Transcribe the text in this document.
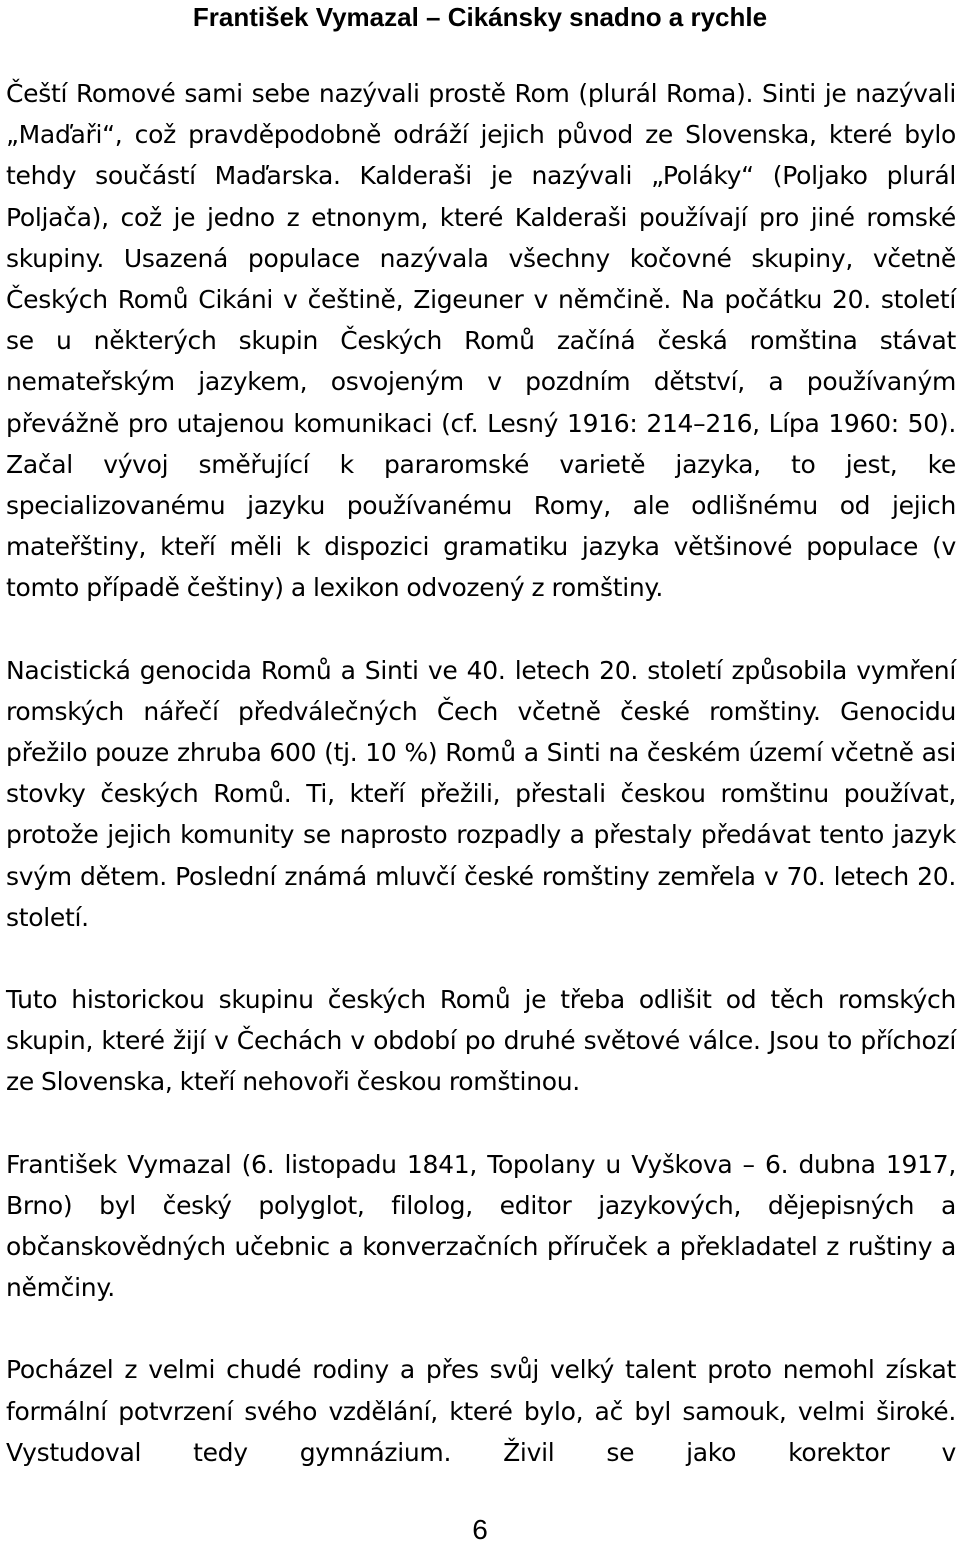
František Vymazal – Cikánsky snadno a rychle

Čeští Romové sami sebe nazývali prostě Rom (plurál Roma). Sinti je nazývali „Maďaři“, což pravděpodobně odráží jejich původ ze Slovenska, které bylo tehdy součástí Maďarska. Kalderaši je nazývali „Poláky“ (Poljako plurál Poljača), což je jedno z etnonym, které Kalderaši používají pro jiné romské skupiny. Usazená populace nazývala všechny kočovné skupiny, včetně Českých Romů Cikáni v češtině, Zigeuner v němčině. Na počátku 20. století se u některých skupin Českých Romů začíná česká romština stávat nemateřským jazykem, osvojeným v pozdním dětství, a používaným převážně pro utajenou komunikaci (cf. Lesný 1916: 214–216, Lípa 1960: 50). Začal vývoj směřující k pararomské varietě jazyka, to jest, ke specializovanému jazyku používanému Romy, ale odlišnému od jejich mateřštiny, kteří měli k dispozici gramatiku jazyka většinové populace (v tomto případě češtiny) a lexikon odvozený z romštiny.

Nacistická genocida Romů a Sinti ve 40. letech 20. století způsobila vymření romských nářečí předválečných Čech včetně české romštiny. Genocidu přežilo pouze zhruba 600 (tj. 10 %) Romů a Sinti na českém území včetně asi stovky českých Romů. Ti, kteří přežili, přestali českou romštinu používat, protože jejich komunity se naprosto rozpadly a přestaly předávat tento jazyk svým dětem. Poslední známá mluvčí české romštiny zemřela v 70. letech 20. století.

Tuto historickou skupinu českých Romů je třeba odlišit od těch romských skupin, které žijí v Čechách v období po druhé světové válce. Jsou to příchozí ze Slovenska, kteří nehovoři českou romštinou.

František Vymazal (6. listopadu 1841, Topolany u Vyškova – 6. dubna 1917, Brno) byl český polyglot, filolog, editor jazykových, dějepisných a občanskovědných učebnic a konverzačních příruček a překladatel z ruštiny a němčiny.

Pocházel z velmi chudé rodiny a přes svůj velký talent proto nemohl získat formální potvrzení svého vzdělání, které bylo, ač byl samouk, velmi široké. Vystudoval tedy gymnázium. Živil se jako korektor v

6
